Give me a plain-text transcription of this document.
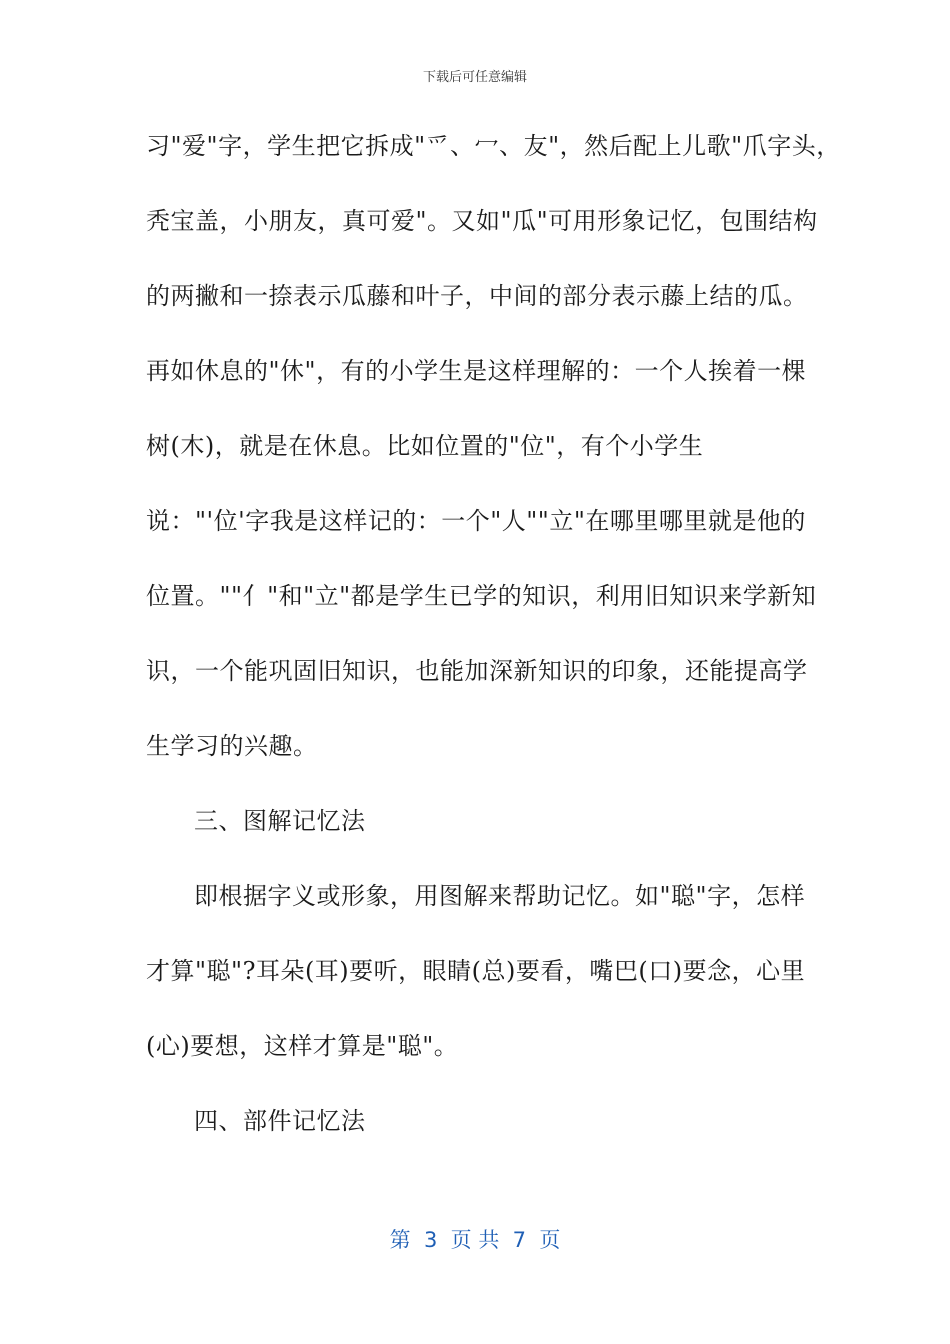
下载后可任意编辑
习"爱"字，学生把它拆成"爫、冖、友"，然后配上儿歌"爪字头，
秃宝盖，小朋友，真可爱"。又如"瓜"可用形象记忆，包围结构
的两撇和一捺表示瓜藤和叶子，中间的部分表示藤上结的瓜。
再如休息的"休"，有的小学生是这样理解的：一个人挨着一棵
树(木)，就是在休息。比如位置的"位"，有个小学生
说："'位'字我是这样记的：一个"人""立"在哪里哪里就是他的
位置。""亻"和"立"都是学生已学的知识，利用旧知识来学新知
识，一个能巩固旧知识，也能加深新知识的印象，还能提高学
生学习的兴趣。
三、图解记忆法
即根据字义或形象，用图解来帮助记忆。如"聪"字，怎样
才算"聪"?耳朵(耳)要听，眼睛(总)要看，嘴巴(口)要念，心里
(心)要想，这样才算是"聪"。
四、部件记忆法
第  3  页 共  7  页
